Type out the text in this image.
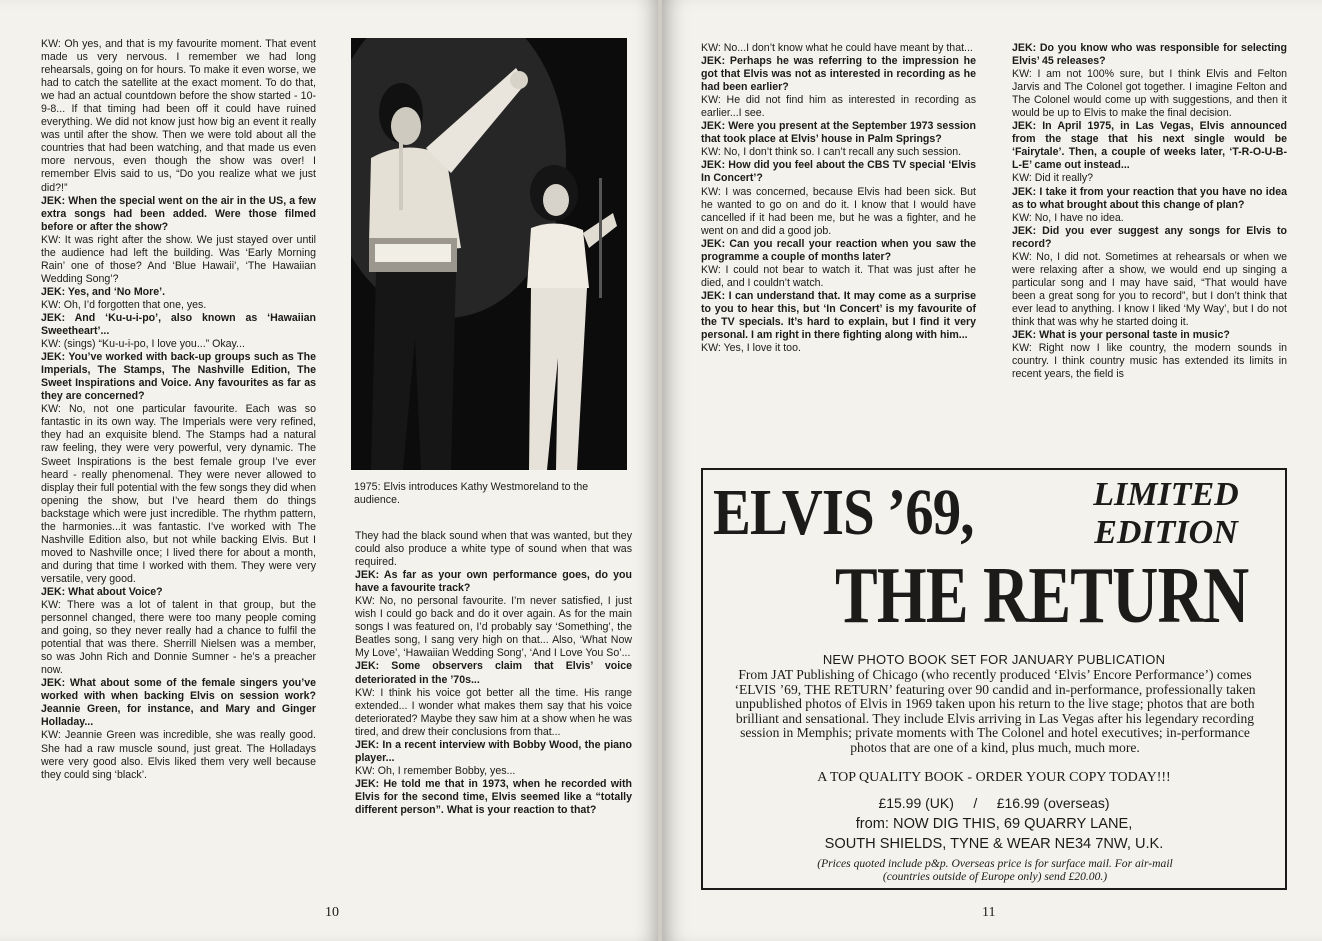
KW: Oh yes, and that is my favourite moment. That event made us very nervous. I remember we had long rehearsals, going on for hours. To make it even worse, we had to catch the satellite at the exact moment. To do that, we had an actual countdown before the show started - 10-9-8... If that timing had been off it could have ruined everything. We did not know just how big an event it really was until after the show. Then we were told about all the countries that had been watching, and that made us even more nervous, even though the show was over! I remember Elvis said to us, “Do you realize what we just did?!”

JEK: When the special went on the air in the US, a few extra songs had been added. Were those filmed before or after the show?

KW: It was right after the show. We just stayed over until the audience had left the building. Was ‘Early Morning Rain’ one of those? And ‘Blue Hawaii’, ‘The Hawaiian Wedding Song’?

JEK: Yes, and ‘No More’.

KW: Oh, I’d forgotten that one, yes.

JEK: And ‘Ku-u-i-po’, also known as ‘Hawaiian Sweetheart’...

KW: (sings) “Ku-u-i-po, I love you...” Okay...

JEK: You’ve worked with back-up groups such as The Imperials, The Stamps, The Nashville Edition, The Sweet Inspirations and Voice. Any favourites as far as they are concerned?

KW: No, not one particular favourite. Each was so fantastic in its own way. The Imperials were very refined, they had an exquisite blend. The Stamps had a natural raw feeling, they were very powerful, very dynamic. The Sweet Inspirations is the best female group I’ve ever heard - really phenomenal. They were never allowed to display their full potential with the few songs they did when opening the show, but I’ve heard them do things backstage which were just incredible. The rhythm pattern, the harmonies...it was fantastic. I’ve worked with The Nashville Edition also, but not while backing Elvis. But I moved to Nashville once; I lived there for about a month, and during that time I worked with them. They were very versatile, very good.

JEK: What about Voice?

KW: There was a lot of talent in that group, but the personnel changed, there were too many people coming and going, so they never really had a chance to fulfil the potential that was there. Sherrill Nielsen was a member, so was John Rich and Donnie Sumner - he’s a preacher now.

JEK: What about some of the female singers you’ve worked with when backing Elvis on session work? Jeannie Green, for instance, and Mary and Ginger Holladay...

KW: Jeannie Green was incredible, she was really good. She had a raw muscle sound, just great. The Holladays were very good also. Elvis liked them very well because they could sing ‘black’.

1975: Elvis introduces Kathy Westmoreland to the audience.

They had the black sound when that was wanted, but they could also produce a white type of sound when that was required.

JEK: As far as your own performance goes, do you have a favourite track?

KW: No, no personal favourite. I’m never satisfied, I just wish I could go back and do it over again. As for the main songs I was featured on, I’d probably say ‘Something’, the Beatles song, I sang very high on that... Also, ‘What Now My Love’, ‘Hawaiian Wedding Song’, ‘And I Love You So’...

JEK: Some observers claim that Elvis’ voice deteriorated in the ’70s...

KW: I think his voice got better all the time. His range extended... I wonder what makes them say that his voice deteriorated? Maybe they saw him at a show when he was tired, and drew their conclusions from that...

JEK: In a recent interview with Bobby Wood, the piano player...

KW: Oh, I remember Bobby, yes...

JEK: He told me that in 1973, when he recorded with Elvis for the second time, Elvis seemed like a “totally different person”. What is your reaction to that?

10

KW: No...I don’t know what he could have meant by that...

JEK: Perhaps he was referring to the impression he got that Elvis was not as interested in recording as he had been earlier?

KW: He did not find him as interested in recording as earlier...I see.

JEK: Were you present at the September 1973 session that took place at Elvis’ house in Palm Springs?

KW: No, I don’t think so. I can’t recall any such session.

JEK: How did you feel about the CBS TV special ‘Elvis In Concert’?

KW: I was concerned, because Elvis had been sick. But he wanted to go on and do it. I know that I would have cancelled if it had been me, but he was a fighter, and he went on and did a good job.

JEK: Can you recall your reaction when you saw the programme a couple of months later?

KW: I could not bear to watch it. That was just after he died, and I couldn’t watch.

JEK: I can understand that. It may come as a surprise to you to hear this, but ‘In Concert’ is my favourite of the TV specials. It’s hard to explain, but I find it very personal. I am right in there fighting along with him...

KW: Yes, I love it too.

JEK: Do you know who was responsible for selecting Elvis’ 45 releases?

KW: I am not 100% sure, but I think Elvis and Felton Jarvis and The Colonel got together. I imagine Felton and The Colonel would come up with suggestions, and then it would be up to Elvis to make the final decision.

JEK: In April 1975, in Las Vegas, Elvis announced from the stage that his next single would be ‘Fairytale’. Then, a couple of weeks later, ‘T-R-O-U-B-L-E’ came out instead...

KW: Did it really?

JEK: I take it from your reaction that you have no idea as to what brought about this change of plan?

KW: No, I have no idea.

JEK: Did you ever suggest any songs for Elvis to record?

KW: No, I did not. Sometimes at rehearsals or when we were relaxing after a show, we would end up singing a particular song and I may have said, “That would have been a great song for you to record”, but I don’t think that ever lead to anything. I know I liked ‘My Way’, but I do not think that was why he started doing it.

JEK: What is your personal taste in music?

KW: Right now I like country, the modern sounds in country. I think country music has extended its limits in recent years, the field is

11
ELVIS ’69,	LIMITED EDITION
THE RETURN
NEW PHOTO BOOK SET FOR JANUARY PUBLICATION
From JAT Publishing of Chicago (who recently produced ‘Elvis’ Encore Performance’) comes ‘ELVIS ’69, THE RETURN’ featuring over 90 candid and in-performance, professionally taken unpublished photos of Elvis in 1969 taken upon his return to the live stage; photos that are both brilliant and sensational. They include Elvis arriving in Las Vegas after his legendary recording session in Memphis; private moments with The Colonel and hotel executives; in-performance photos that are one of a kind, plus much, much more.
A TOP QUALITY BOOK - ORDER YOUR COPY TODAY!!!
£15.99 (UK) / £16.99 (overseas)
from: NOW DIG THIS, 69 QUARRY LANE,
SOUTH SHIELDS, TYNE & WEAR NE34 7NW, U.K.
(Prices quoted include p&p. Overseas price is for surface mail. For air-mail (countries outside of Europe only) send £20.00.)
